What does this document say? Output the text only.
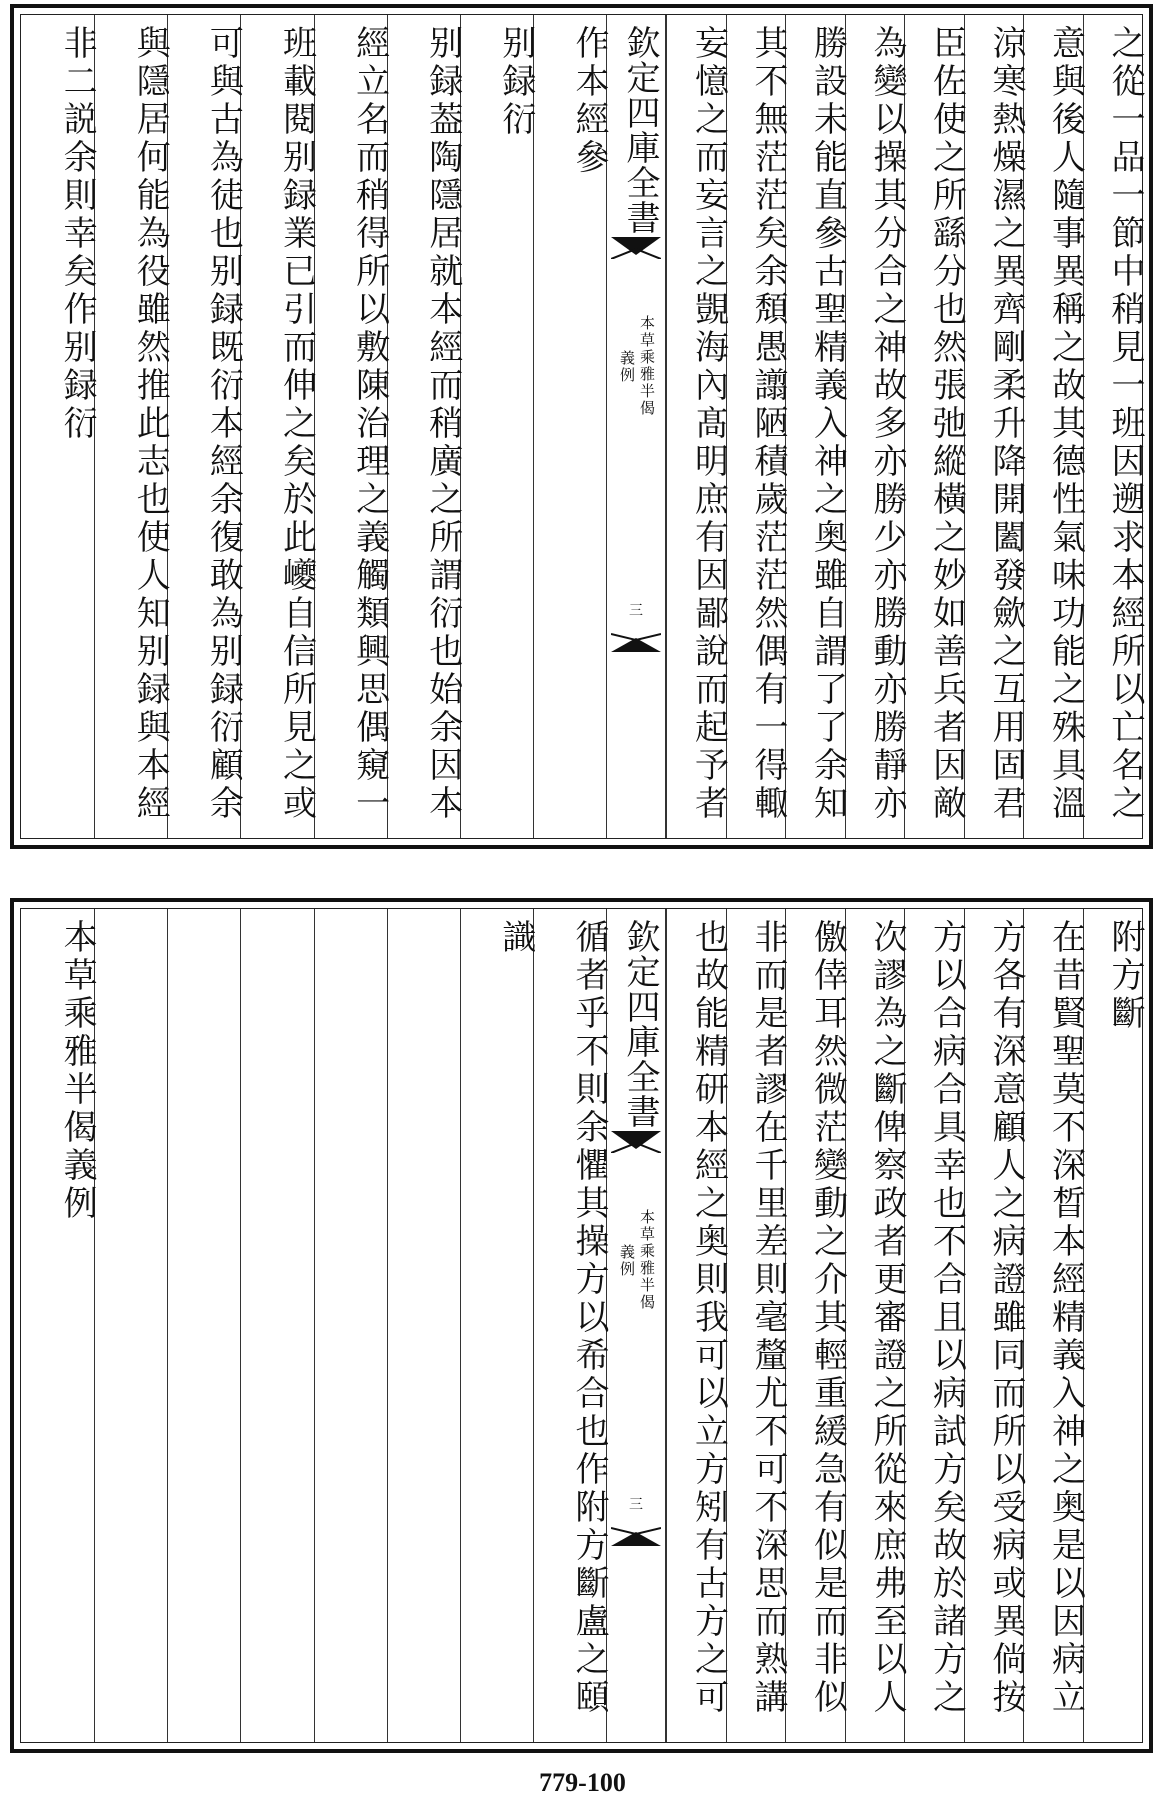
之從一品一節中稍見一班因遡求本經所以亡名之
意與後人隨事異稱之故其德性氣味功能之殊具溫
涼寒熱燥濕之異齊剛柔升降開闔發歛之互用固君
臣佐使之所繇分也然張弛縱橫之妙如善兵者因敵
為變以操其分合之神故多亦勝少亦勝動亦勝靜亦
勝設未能直參古聖精義入神之奥雖自謂了了余知
其不無茫茫矣余頽愚譾陋積歲茫茫然偶有一得輙
妄憶之而妄言之覬海內髙明庶有因鄙說而起予者
欽定四庫全書
本草乘雅半偈
義例
三
作本經參
别録衍
别録葢陶隱居就本經而稍廣之所謂衍也始余因本
經立名而稍得所以敷陳治理之義觸類興思偶窺一
班載閱别録業已引而伸之矣於此巙自信所見之或
可與古為徒也别録既衍本經余復敢為别録衍顧余
與隱居何能為役雖然推此志也使人知别録與本經
非二説余則幸矣作别録衍
附方斷
在昔賢聖莫不深晳本經精義入神之奥是以因病立
方各有深意顧人之病證雖同而所以受病或異倘按
方以合病合具幸也不合且以病試方矣故於諸方之
次謬為之斷俾察政者更審證之所從來庶弗至以人
儌倖耳然微茫變動之介其輕重緩急有似是而非似
非而是者謬在千里差則毫釐尤不可不深思而熟講
也故能精研本經之奥則我可以立方矧有古方之可
欽定四庫全書
本草乘雅半偈
義例
三
循者乎不則余懼其操方以希合也作附方斷盧之頤
識
本草乘雅半偈義例
779-100
